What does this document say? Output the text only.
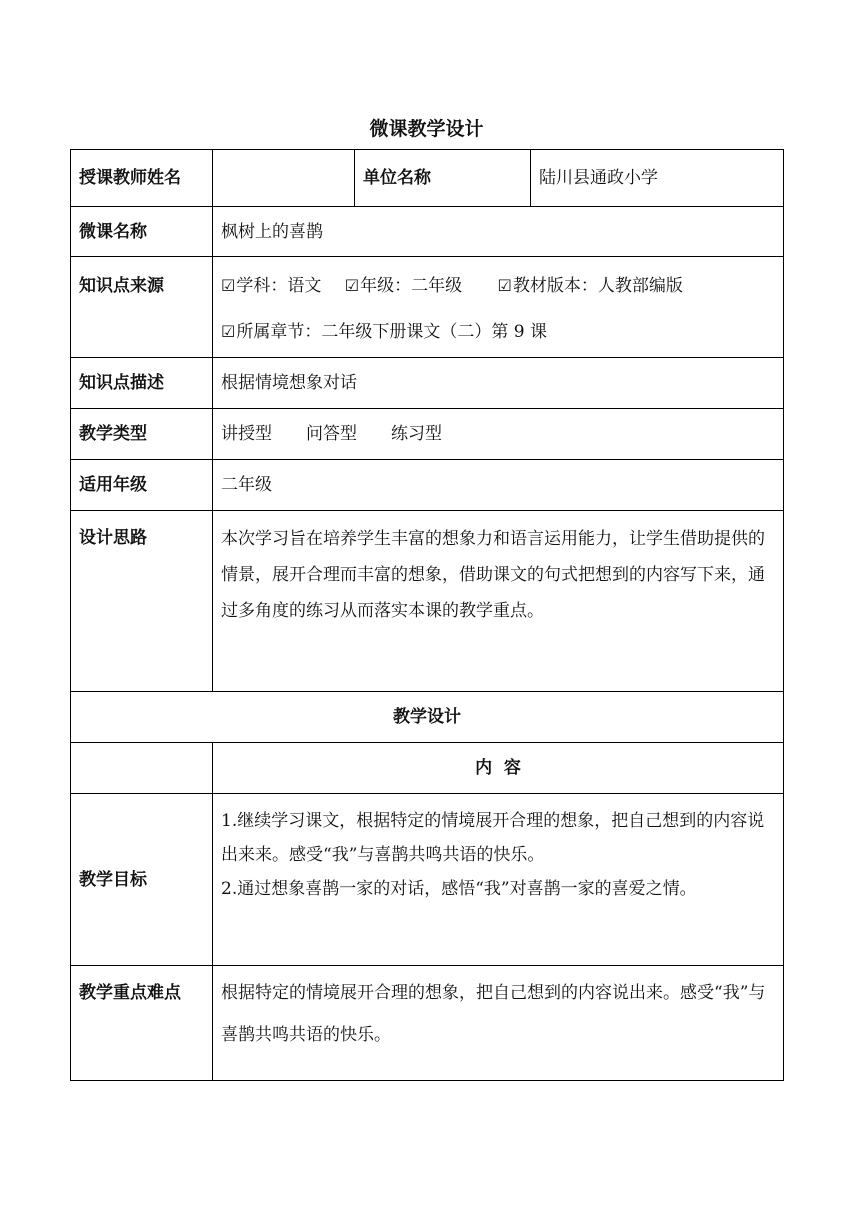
微课教学设计
授课教师姓名		单位名称	陆川县通政小学
微课名称	枫树上的喜鹊		
知识点来源	☑学科：语文 ☑年级：二年级 ☑教材版本：人教部编版

☑所属章节：二年级下册课文（二）第 9 课		

知识点描述	根据情境想象对话		
教学类型	讲授型 问答型 练习型		
适用年级	二年级		
设计思路	本次学习旨在培养学生丰富的想象力和语言运用能力，让学生借助提供的情景，展开合理而丰富的想象，借助课文的句式把想到的内容写下来，通过多角度的练习从而落实本课的教学重点。		
教学设计			
	内  容		
教学目标	1.继续学习课文，根据特定的情境展开合理的想象，把自己想到的内容说出来来。感受“我”与喜鹊共鸣共语的快乐。

2.通过想象喜鹊一家的对话，感悟“我”对喜鹊一家的喜爱之情。		

教学重点难点	根据特定的情境展开合理的想象，把自己想到的内容说出来。感受“我”与喜鹊共鸣共语的快乐。		
